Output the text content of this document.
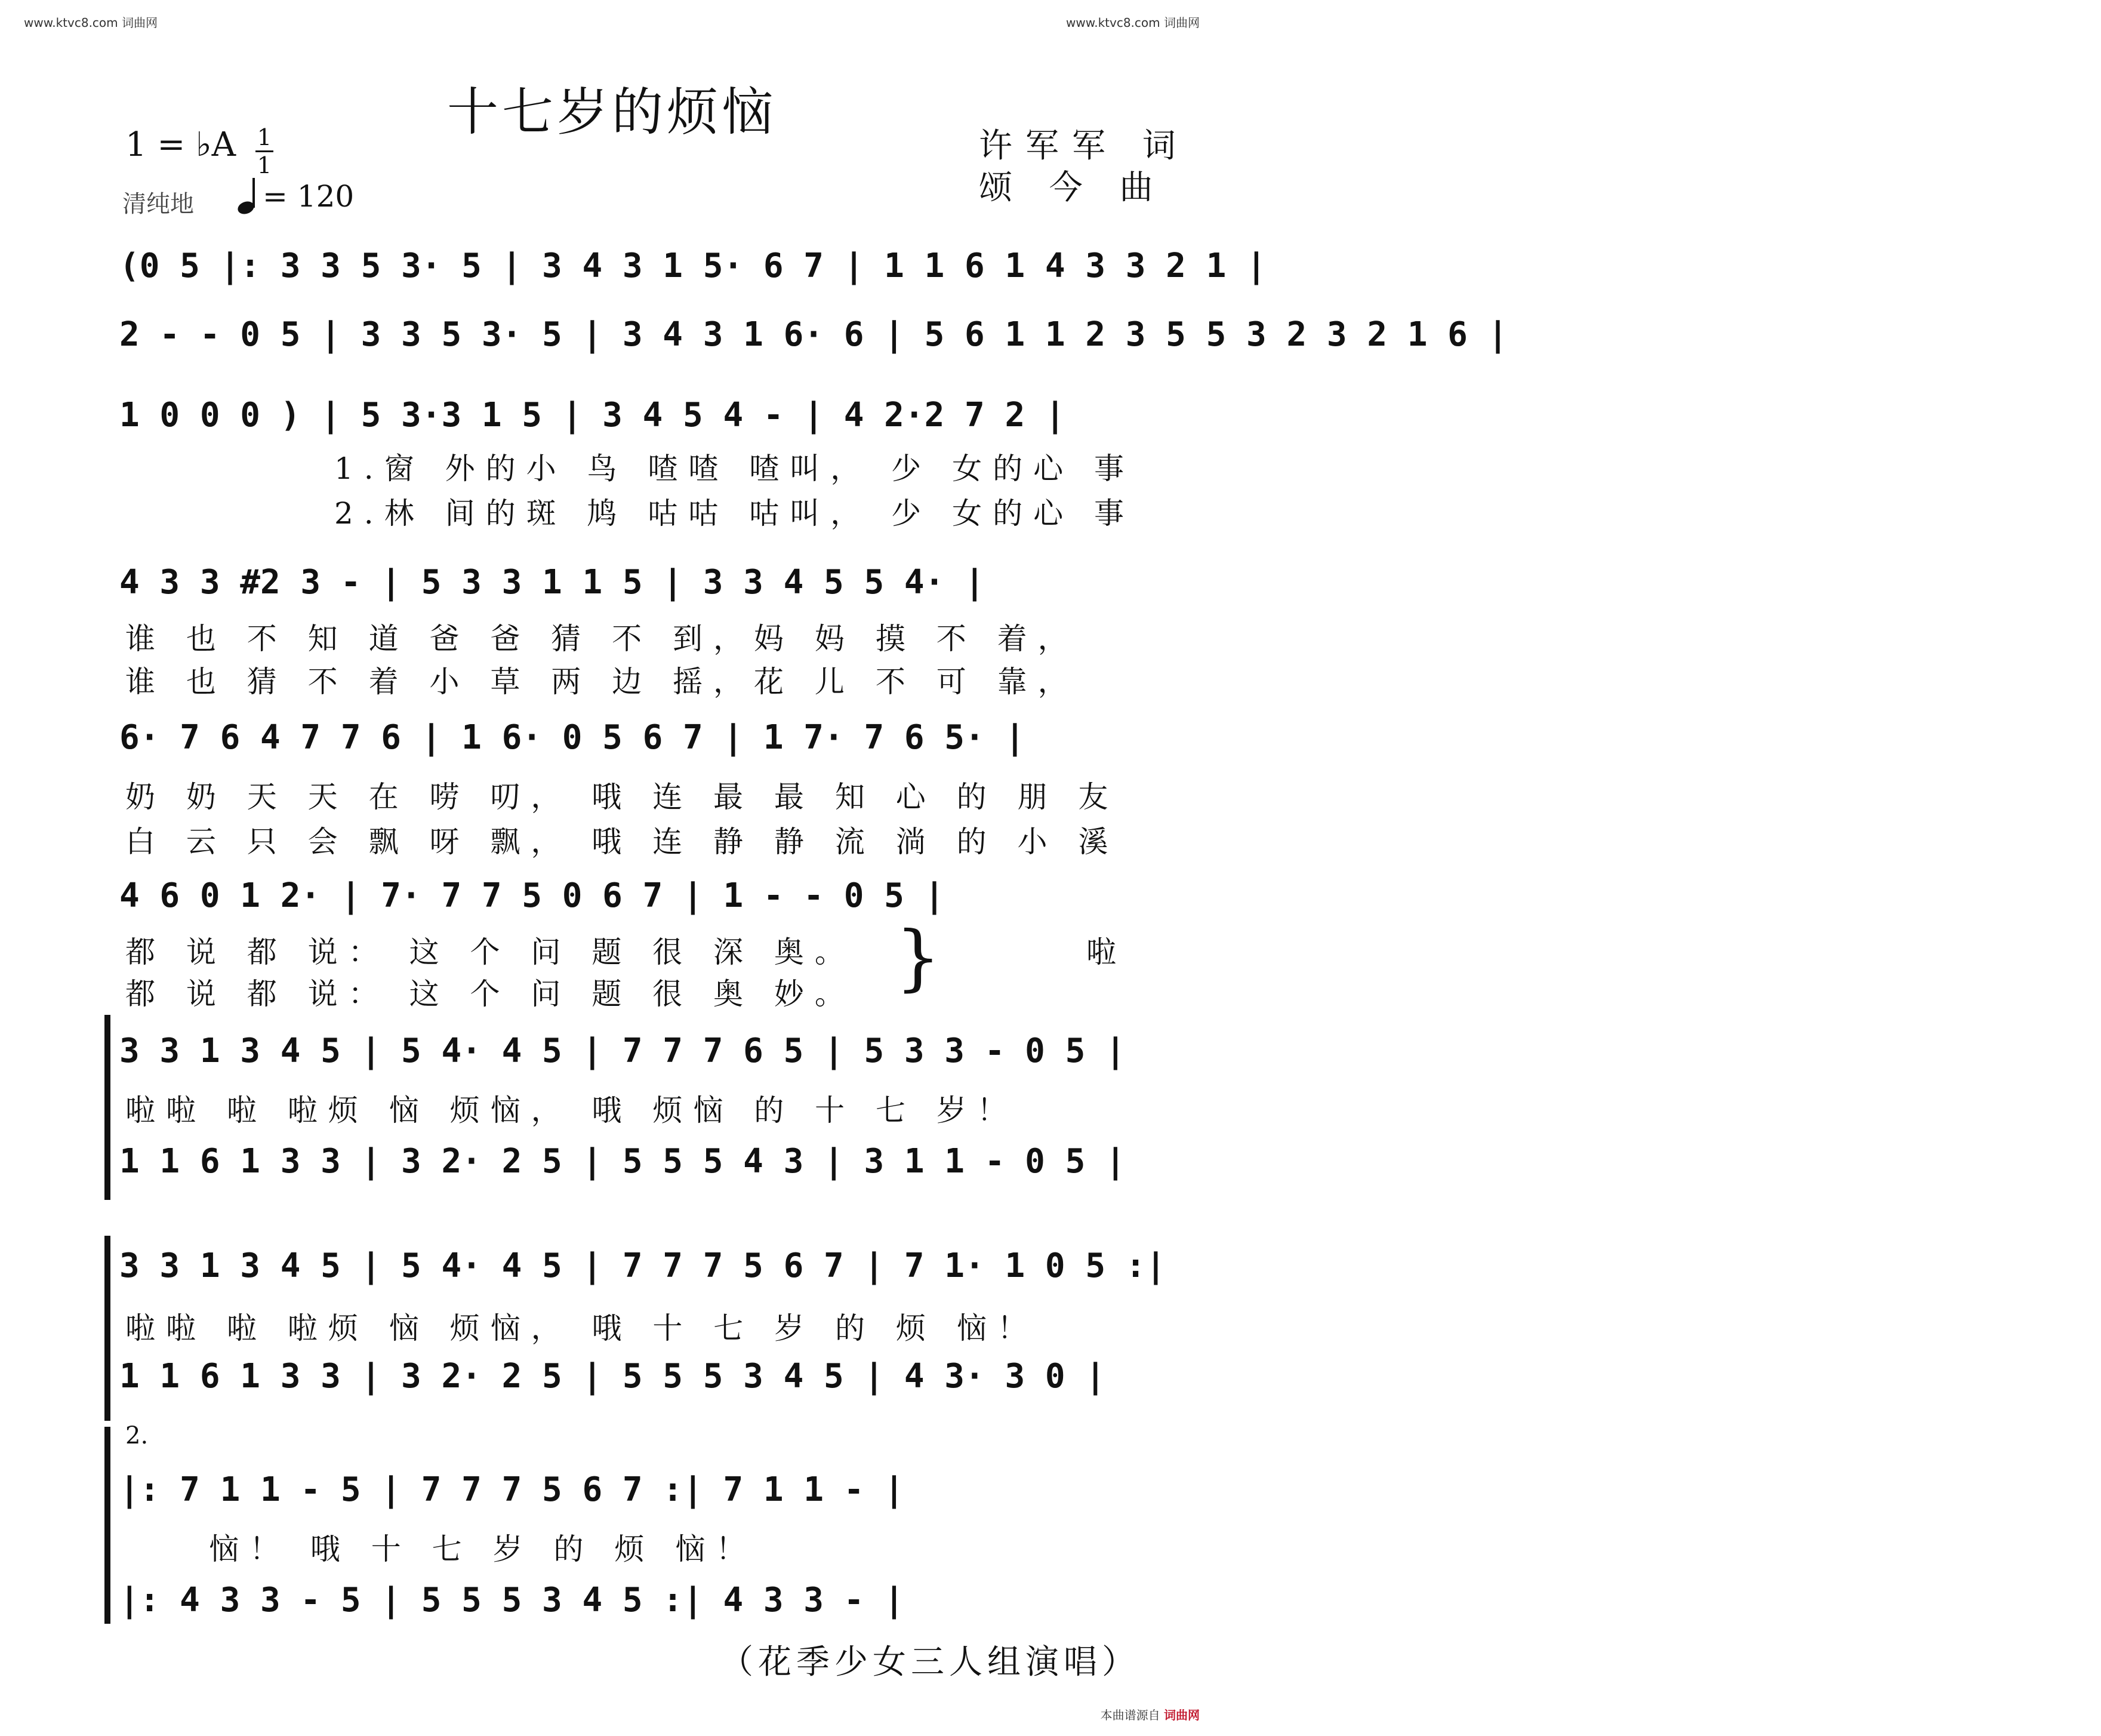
www.ktvc8.com 词曲网	www.ktvc8.com 词曲网
十七岁的烦恼
许军军 词
颂 今 曲
1 = ♭A 1
1
清纯地 = 120
(0 5 |: 3 3 5 3· 5 | 3 4 3 1 5· 6 7 | 1 1 6 1 4 3 3 2 1 |
2 - - 0 5 | 3 3 5 3· 5 | 3 4 3 1 6· 6 | 5 6 1 1 2 3 5 5 3 2 3 2 1 6 |
1 0 0 0 ) | 5 3·3 1 5 | 3 4 5 4 - | 4 2·2 7 2 |
1.窗 外的小 鸟 喳喳 喳叫， 少 女的心 事
2.林 间的斑 鸠 咕咕 咕叫， 少 女的心 事
4 3 3 #2 3 - | 5 3 3 1 1 5 | 3 3 4 5 5 4· |
谁 也 不 知 道 爸 爸 猜 不 到，妈 妈 摸 不 着，
谁 也 猜 不 着 小 草 两 边 摇，花 儿 不 可 靠，
6· 7 6 4 7 7 6 | 1 6· 0 5 6 7 | 1 7· 7 6 5· |
奶 奶 天 天 在 唠 叨， 哦 连 最 最 知 心 的 朋 友
白 云 只 会 飘 呀 飘， 哦 连 静 静 流 淌 的 小 溪
4 6 0 1 2· | 7· 7 7 5 0 6 7 | 1 - - 0 5 |
都 说 都 说： 这 个 问 题 很 深 奥。
都 说 都 说： 这 个 问 题 很 奥 妙。 }	啦
3 3 1 3 4 5 | 5 4· 4 5 | 7 7 7 6 5 | 5 3 3 - 0 5 |
啦啦 啦 啦烦 恼 烦恼， 哦 烦恼 的 十 七 岁！
1 1 6 1 3 3 | 3 2· 2 5 | 5 5 5 4 3 | 3 1 1 - 0 5 |
3 3 1 3 4 5 | 5 4· 4 5 | 7 7 7 5 6 7 | 7 1· 1 0 5 :|
啦啦 啦 啦烦 恼 烦恼， 哦 十 七 岁 的 烦 恼！
1 1 6 1 3 3 | 3 2· 2 5 | 5 5 5 3 4 5 | 4 3· 3 0 |
2.
|: 7 1 1 - 5 | 7 7 7 5 6 7 :| 7 1 1 - |
恼！ 哦 十 七 岁 的 烦 恼！
|: 4 3 3 - 5 | 5 5 5 3 4 5 :| 4 3 3 - |
（花季少女三人组演唱）
本曲谱源自 词曲网
